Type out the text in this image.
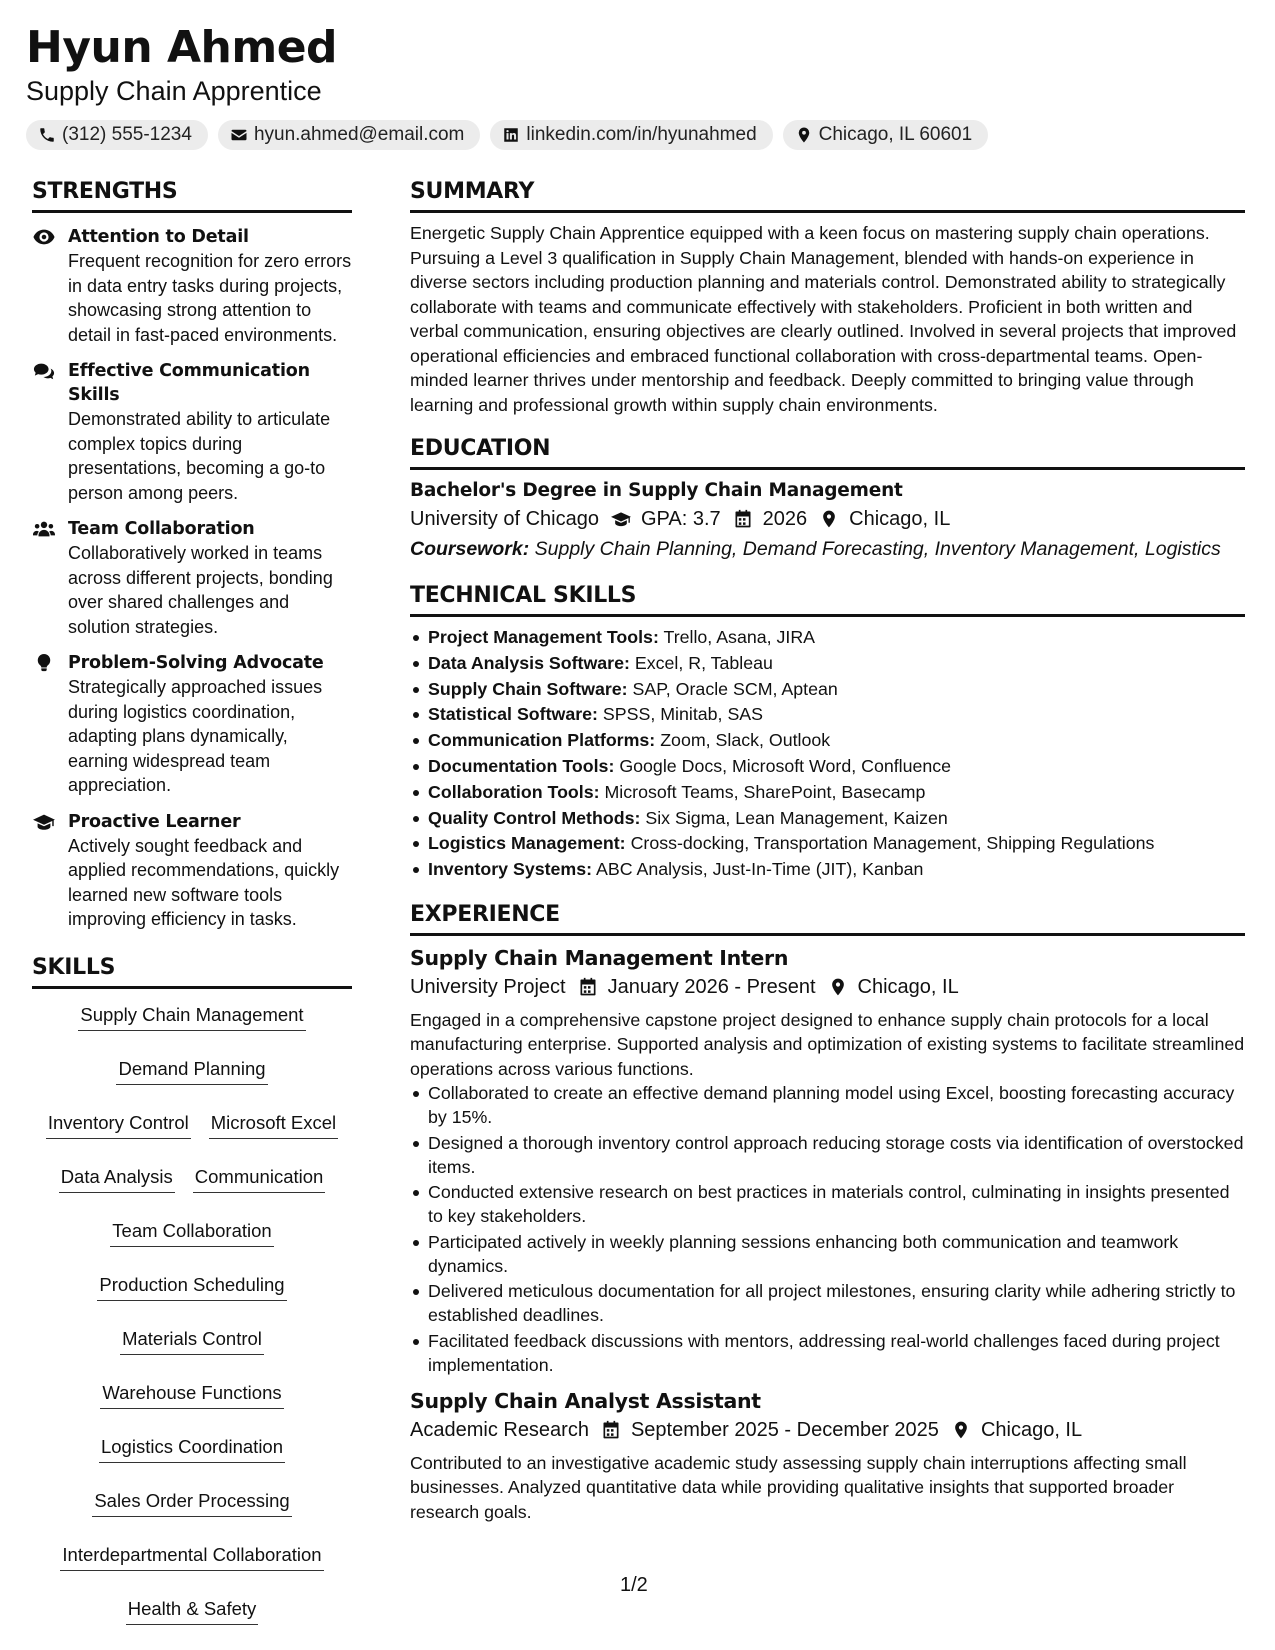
Hyun Ahmed
Supply Chain Apprentice
(312) 555-1234	hyun.ahmed@email.com	linkedin.com/in/hyunahmed	Chicago, IL 60601
STRENGTHS
Attention to Detail
Frequent recognition for zero errors in data entry tasks during projects, showcasing strong attention to detail in fast-paced environments.
Effective Communication Skills
Demonstrated ability to articulate complex topics during presentations, becoming a go-to person among peers.
Team Collaboration
Collaboratively worked in teams across different projects, bonding over shared challenges and solution strategies.
Problem-Solving Advocate
Strategically approached issues during logistics coordination, adapting plans dynamically, earning widespread team appreciation.
Proactive Learner
Actively sought feedback and applied recommendations, quickly learned new software tools improving efficiency in tasks.
SKILLS
Supply Chain Management
Demand Planning
Inventory Control Microsoft Excel
Data Analysis Communication
Team Collaboration
Production Scheduling
Materials Control
Warehouse Functions
Logistics Coordination
Sales Order Processing
Interdepartmental Collaboration
Health & Safety
SUMMARY

Energetic Supply Chain Apprentice equipped with a keen focus on mastering supply chain operations. Pursuing a Level 3 qualification in Supply Chain Management, blended with hands-on experience in diverse sectors including production planning and materials control. Demonstrated ability to strategically collaborate with teams and communicate effectively with stakeholders. Proficient in both written and verbal communication, ensuring objectives are clearly outlined. Involved in several projects that improved operational efficiencies and embraced functional collaboration with cross-departmental teams. Open-minded learner thrives under mentorship and feedback. Deeply committed to bringing value through learning and professional growth within supply chain environments.

EDUCATION
Bachelor's Degree in Supply Chain Management
University of Chicago GPA: 3.7 2026 Chicago, IL
Coursework: Supply Chain Planning, Demand Forecasting, Inventory Management, Logistics
TECHNICAL SKILLS
Project Management Tools: Trello, Asana, JIRA
Data Analysis Software: Excel, R, Tableau
Supply Chain Software: SAP, Oracle SCM, Aptean
Statistical Software: SPSS, Minitab, SAS
Communication Platforms: Zoom, Slack, Outlook
Documentation Tools: Google Docs, Microsoft Word, Confluence
Collaboration Tools: Microsoft Teams, SharePoint, Basecamp
Quality Control Methods: Six Sigma, Lean Management, Kaizen
Logistics Management: Cross-docking, Transportation Management, Shipping Regulations
Inventory Systems: ABC Analysis, Just-In-Time (JIT), Kanban
EXPERIENCE
Supply Chain Management Intern
University Project January 2026 - Present Chicago, IL

Engaged in a comprehensive capstone project designed to enhance supply chain protocols for a local manufacturing enterprise. Supported analysis and optimization of existing systems to facilitate streamlined operations across various functions.

Collaborated to create an effective demand planning model using Excel, boosting forecasting accuracy by 15%.
Designed a thorough inventory control approach reducing storage costs via identification of overstocked items.
Conducted extensive research on best practices in materials control, culminating in insights presented to key stakeholders.
Participated actively in weekly planning sessions enhancing both communication and teamwork dynamics.
Delivered meticulous documentation for all project milestones, ensuring clarity while adhering strictly to established deadlines.
Facilitated feedback discussions with mentors, addressing real-world challenges faced during project implementation.
Supply Chain Analyst Assistant
Academic Research September 2025 - December 2025 Chicago, IL

Contributed to an investigative academic study assessing supply chain interruptions affecting small businesses. Analyzed quantitative data while providing qualitative insights that supported broader research goals.

1/2
